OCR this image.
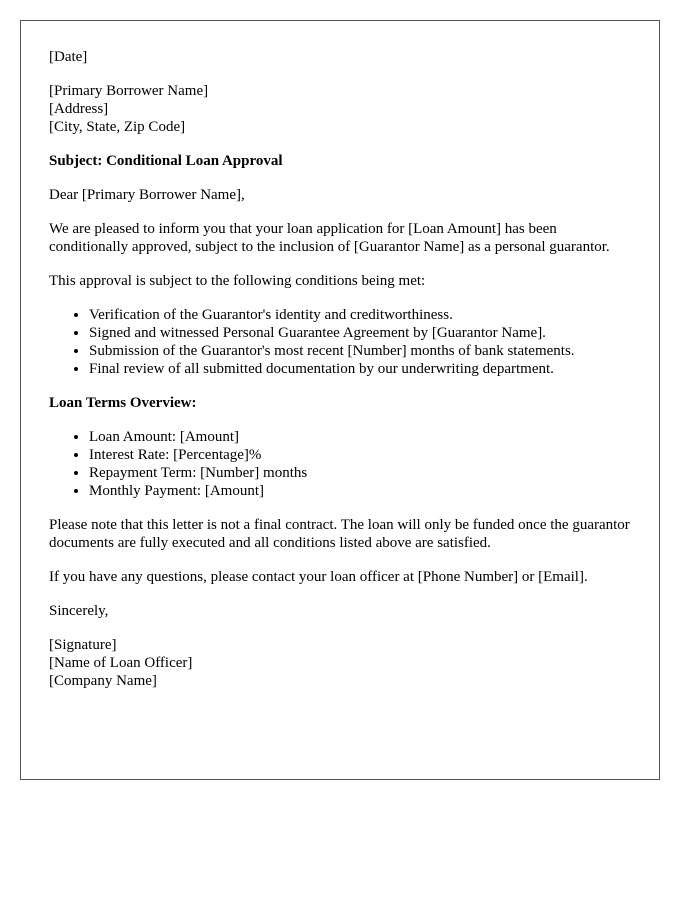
[Date]
[Primary Borrower Name]
[Address]
[City, State, Zip Code]
Subject: Conditional Loan Approval
Dear [Primary Borrower Name],
We are pleased to inform you that your loan application for [Loan Amount] has been conditionally approved, subject to the inclusion of [Guarantor Name] as a personal guarantor.
This approval is subject to the following conditions being met:
• Verification of the Guarantor's identity and creditworthiness.
• Signed and witnessed Personal Guarantee Agreement by [Guarantor Name].
• Submission of the Guarantor's most recent [Number] months of bank statements.
• Final review of all submitted documentation by our underwriting department.
Loan Terms Overview:
• Loan Amount: [Amount]
• Interest Rate: [Percentage]%
• Repayment Term: [Number] months
• Monthly Payment: [Amount]
Please note that this letter is not a final contract. The loan will only be funded once the guarantor documents are fully executed and all conditions listed above are satisfied.
If you have any questions, please contact your loan officer at [Phone Number] or [Email].
Sincerely,
[Signature]
[Name of Loan Officer]
[Company Name]
